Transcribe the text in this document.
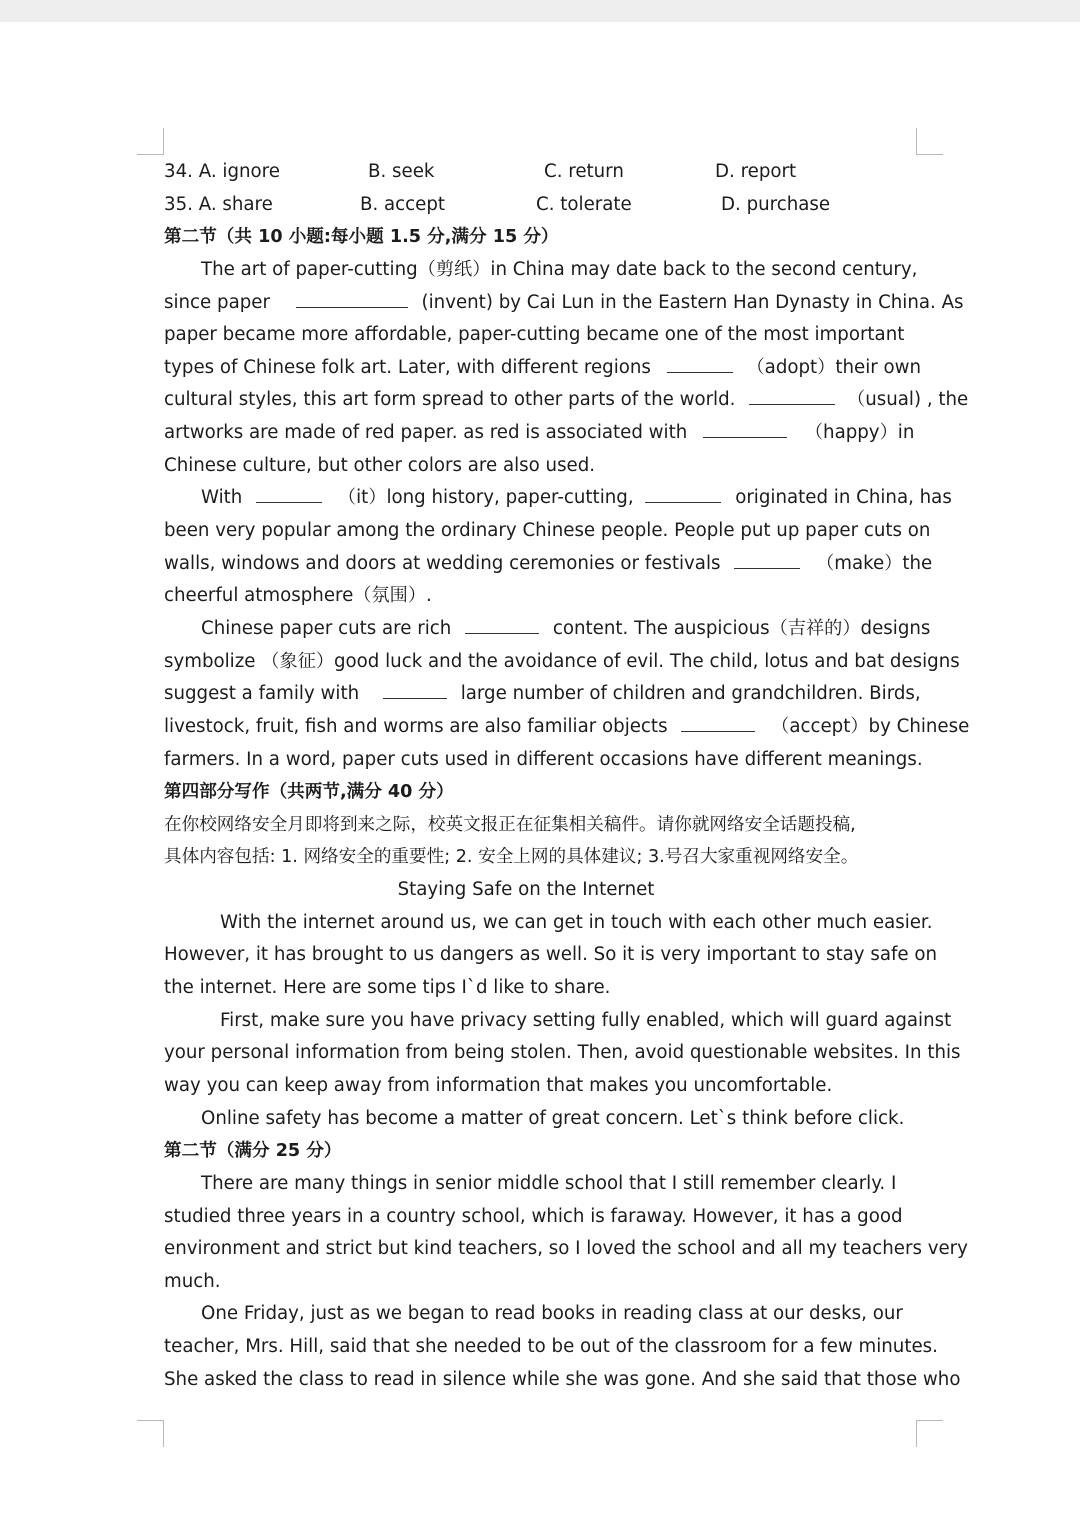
34. A. ignore	B. seek	C. return	D. report
35. A. share	B. accept	C. tolerate	D. purchase
第二节（共 10 小题:每小题 1.5 分,满分 15 分）
The art of paper-cutting（剪纸）in China may date back to the second century,
since paper	(invent) by Cai Lun in the Eastern Han Dynasty in China. As
paper became more affordable, paper-cutting became one of the most important
types of Chinese folk art. Later, with different regions	（adopt）their own
cultural styles, this art form spread to other parts of the world.	（usual) , the
artworks are made of red paper. as red is associated with	（happy）in
Chinese culture, but other colors are also used.
With	（it）long history, paper-cutting,	originated in China, has
been very popular among the ordinary Chinese people. People put up paper cuts on
walls, windows and doors at wedding ceremonies or festivals	（make）the
cheerful atmosphere（氛围）.
Chinese paper cuts are rich	content. The auspicious（吉祥的）designs
symbolize （象征）good luck and the avoidance of evil. The child, lotus and bat designs
suggest a family with	large number of children and grandchildren. Birds,
livestock, fruit, fish and worms are also familiar objects	（accept）by Chinese
farmers. In a word, paper cuts used in different occasions have different meanings.
第四部分写作（共两节,满分 40 分）
在你校网络安全月即将到来之际，校英文报正在征集相关稿件。请你就网络安全话题投稿,
具体内容包括: 1. 网络安全的重要性; 2. 安全上网的具体建议; 3.号召大家重视网络安全。
Staying Safe on the Internet
With the internet around us, we can get in touch with each other much easier.
However, it has brought to us dangers as well. So it is very important to stay safe on
the internet. Here are some tips I`d like to share.
First, make sure you have privacy setting fully enabled, which will guard against
your personal information from being stolen. Then, avoid questionable websites. In this
way you can keep away from information that makes you uncomfortable.
Online safety has become a matter of great concern. Let`s think before click.
第二节（满分 25 分）
There are many things in senior middle school that I still remember clearly. I
studied three years in a country school, which is faraway. However, it has a good
environment and strict but kind teachers, so I loved the school and all my teachers very
much.
One Friday, just as we began to read books in reading class at our desks, our
teacher, Mrs. Hill, said that she needed to be out of the classroom for a few minutes.
She asked the class to read in silence while she was gone. And she said that those who
